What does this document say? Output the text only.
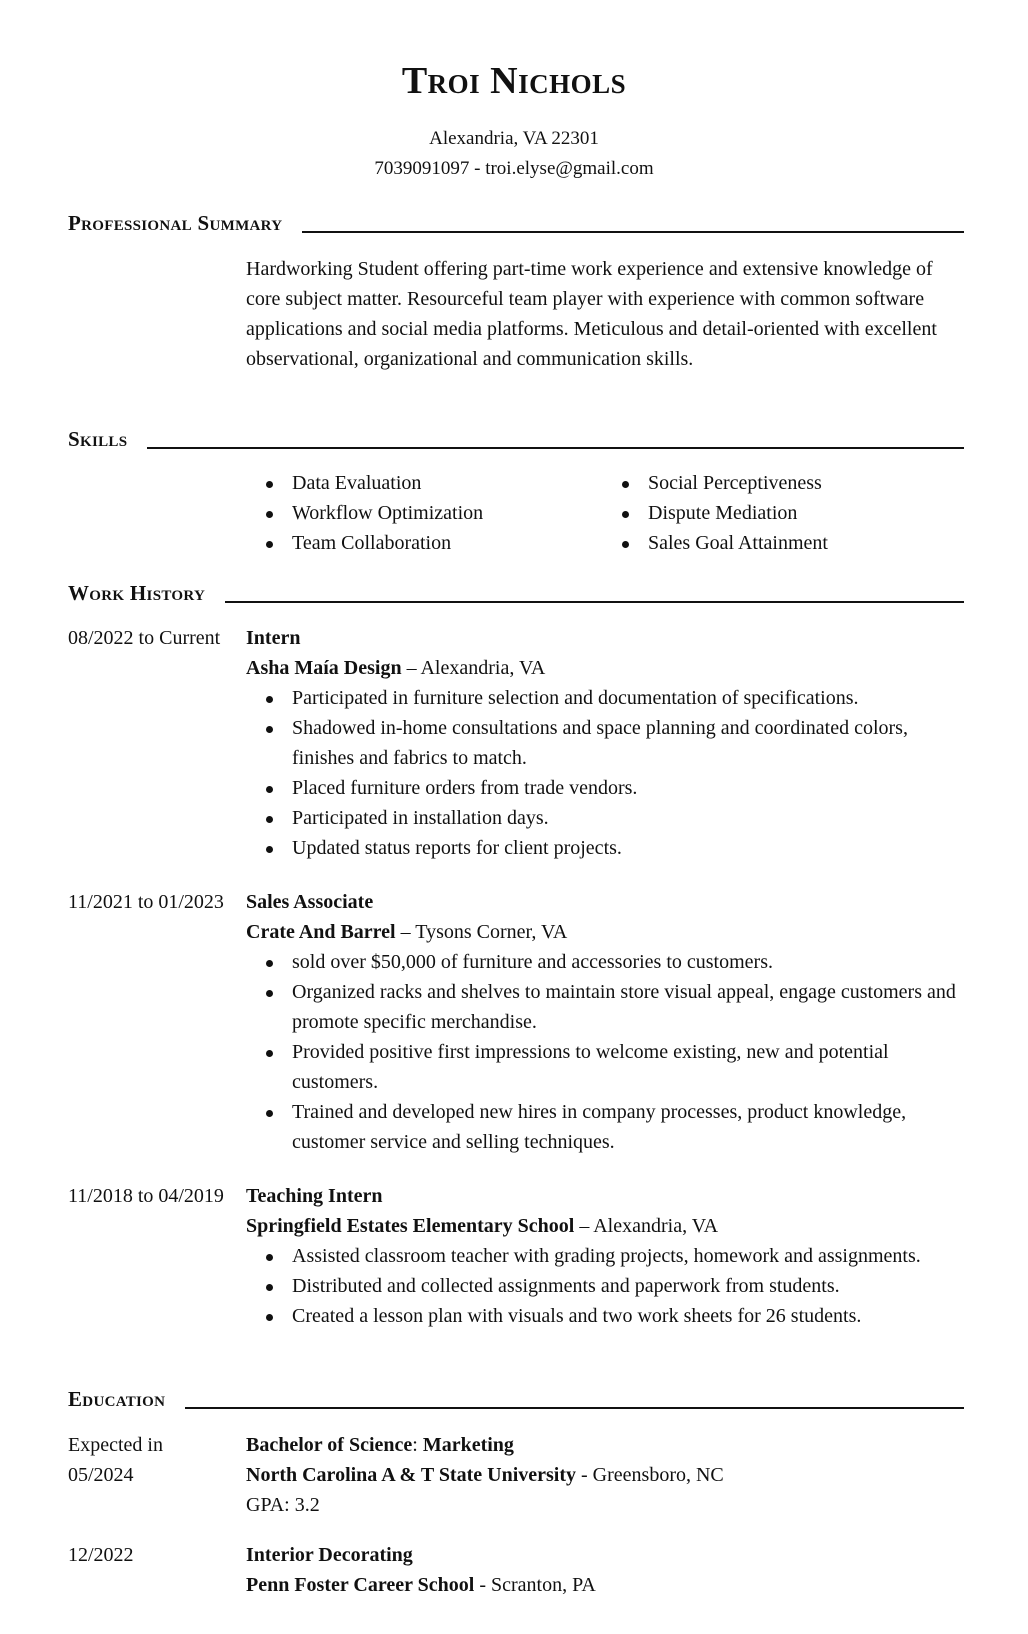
Troi Nichols
Alexandria, VA 22301
7039091097 - troi.elyse@gmail.com
Professional Summary
Hardworking Student offering part-time work experience and extensive knowledge of core subject matter. Resourceful team player with experience with common software applications and social media platforms. Meticulous and detail-oriented with excellent observational, organizational and communication skills.
Skills
Data Evaluation
Workflow Optimization
Team Collaboration
Social Perceptiveness
Dispute Mediation
Sales Goal Attainment
Work History
08/2022 to Current Intern
Asha Maía Design – Alexandria, VA
Participated in furniture selection and documentation of specifications.
Shadowed in-home consultations and space planning and coordinated colors, finishes and fabrics to match.
Placed furniture orders from trade vendors.
Participated in installation days.
Updated status reports for client projects.
11/2021 to 01/2023 Sales Associate
Crate And Barrel – Tysons Corner, VA
sold over $50,000 of furniture and accessories to customers.
Organized racks and shelves to maintain store visual appeal, engage customers and promote specific merchandise.
Provided positive first impressions to welcome existing, new and potential customers.
Trained and developed new hires in company processes, product knowledge, customer service and selling techniques.
11/2018 to 04/2019 Teaching Intern
Springfield Estates Elementary School – Alexandria, VA
Assisted classroom teacher with grading projects, homework and assignments.
Distributed and collected assignments and paperwork from students.
Created a lesson plan with visuals and two work sheets for 26 students.
Education
Expected in
05/2024
Bachelor of Science: Marketing
North Carolina A & T State University - Greensboro, NC
GPA: 3.2
12/2022	Interior Decorating
Penn Foster Career School - Scranton, PA
